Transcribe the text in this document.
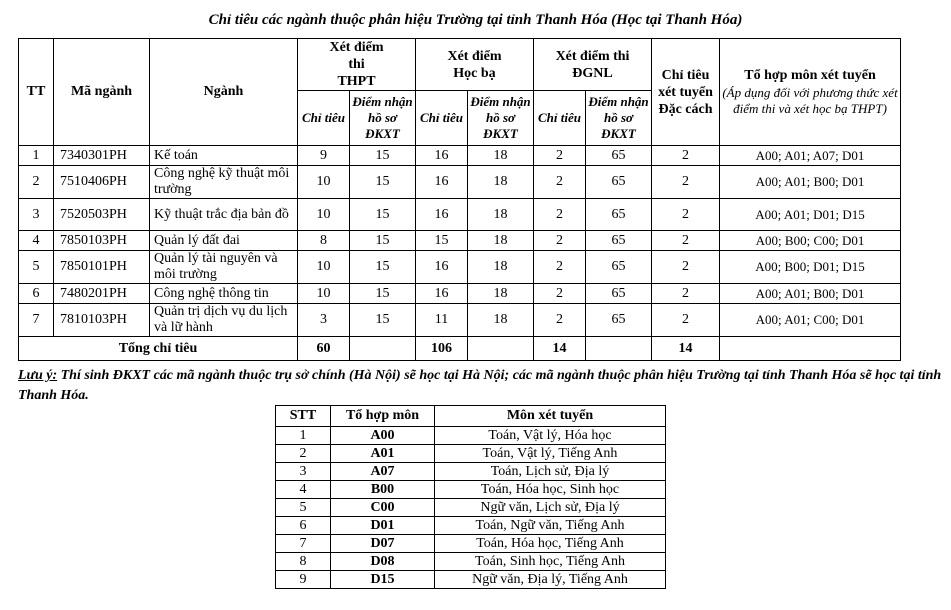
Chỉ tiêu các ngành thuộc phân hiệu Trường tại tỉnh Thanh Hóa (Học tại Thanh Hóa)
TT	Mã ngành	Ngành	Xét điểm thi THPT		Xét điểm Học bạ		Xét điểm thi ĐGNL		Chỉ tiêu xét tuyển Đặc cách	Tổ hợp môn xét tuyển
(Áp dụng đối với phương thức xét điểm thi và xét học bạ THPT)

			Chỉ tiêu	Điểm nhận hồ sơ ĐKXT	Chỉ tiêu	Điểm nhận hồ sơ ĐKXT	Chỉ tiêu	Điểm nhận hồ sơ ĐKXT		
1	7340301PH	Kế toán	9	15	16	18	2	65	2	A00; A01; A07; D01
2	7510406PH	Công nghệ kỹ thuật môi trường	10	15	16	18	2	65	2	A00; A01; B00; D01
3	7520503PH	Kỹ thuật trắc địa bản đồ	10	15	16	18	2	65	2	A00; A01; D01; D15
4	7850103PH	Quản lý đất đai	8	15	15	18	2	65	2	A00; B00; C00; D01
5	7850101PH	Quản lý tài nguyên và môi trường	10	15	16	18	2	65	2	A00; B00; D01; D15
6	7480201PH	Công nghệ thông tin	10	15	16	18	2	65	2	A00; A01; B00; D01
7	7810103PH	Quản trị dịch vụ du lịch và lữ hành	3	15	11	18	2	65	2	A00; A01; C00; D01
Tổng chỉ tiêu			60		106		14		14	
Lưu ý: Thí sinh ĐKXT các mã ngành thuộc trụ sở chính (Hà Nội) sẽ học tại Hà Nội; các mã ngành thuộc phân hiệu Trường tại tỉnh Thanh Hóa sẽ học tại tỉnh Thanh Hóa.
STT	Tổ hợp môn	Môn xét tuyển
1	A00	Toán, Vật lý, Hóa học
2	A01	Toán, Vật lý, Tiếng Anh
3	A07	Toán, Lịch sử, Địa lý
4	B00	Toán, Hóa học, Sinh học
5	C00	Ngữ văn, Lịch sử, Địa lý
6	D01	Toán, Ngữ văn, Tiếng Anh
7	D07	Toán, Hóa học, Tiếng Anh
8	D08	Toán, Sinh học, Tiếng Anh
9	D15	Ngữ văn, Địa lý, Tiếng Anh
